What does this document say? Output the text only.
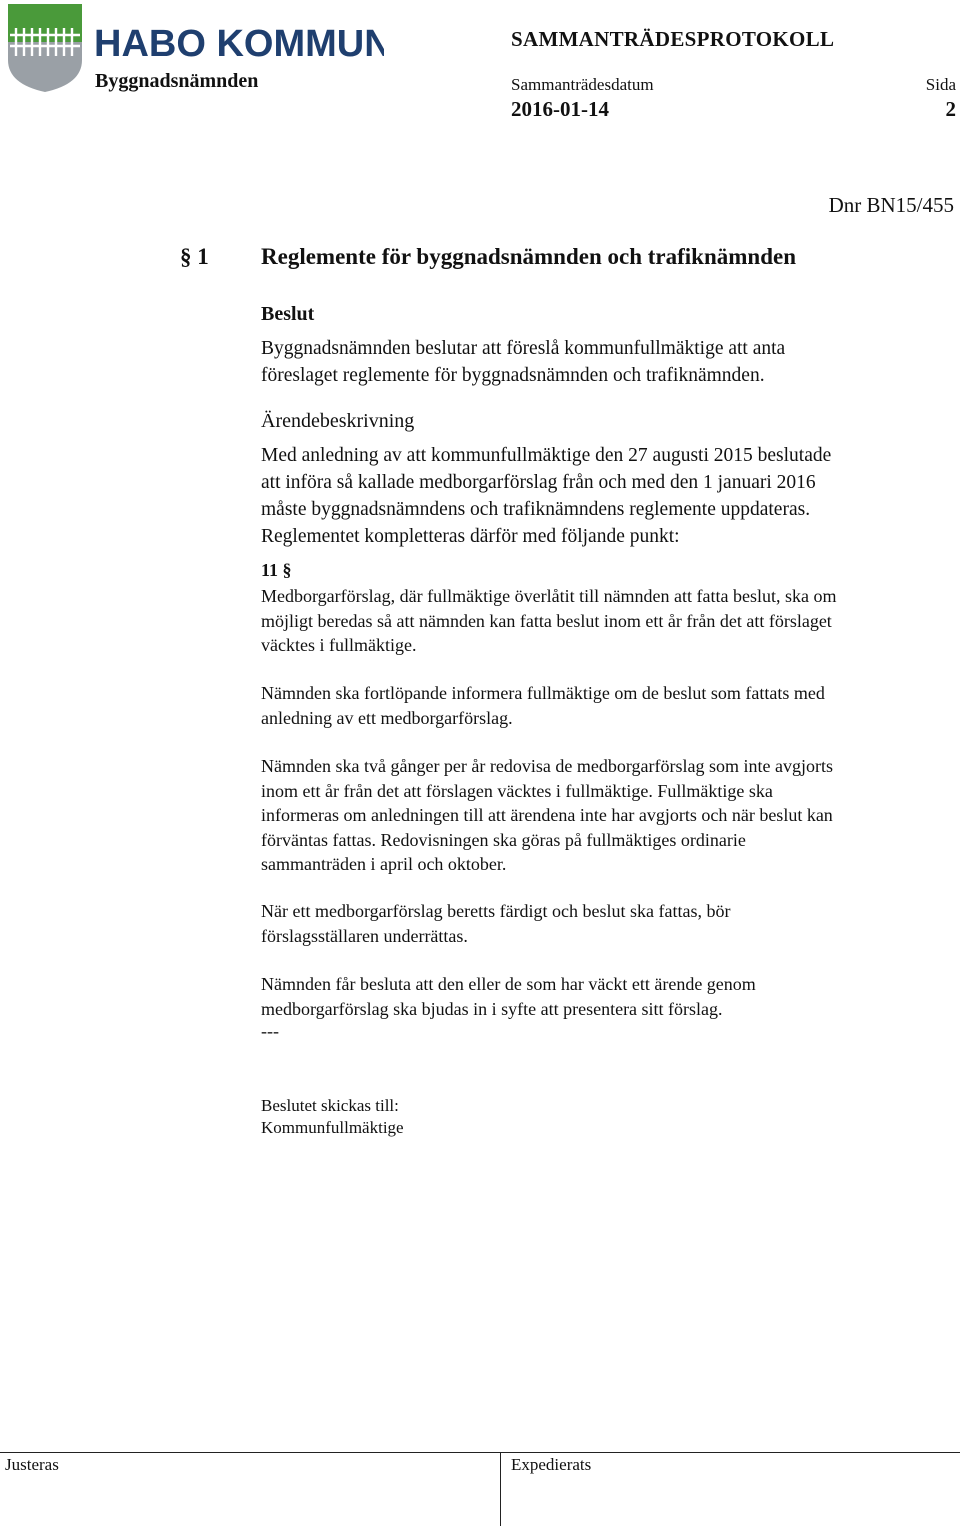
HABO KOMMUN
Byggnadsnämnden
SAMMANTRÄDESPROTOKOLL
Sammanträdesdatum
2016-01-14
Sida
2
Dnr BN15/455
§ 1 Reglemente för byggnadsnämnden och trafiknämnden
Beslut

Byggnadsnämnden beslutar att föreslå kommunfullmäktige att anta

föreslaget reglemente för byggnadsnämnden och trafiknämnden.

Ärendebeskrivning

Med anledning av att kommunfullmäktige den 27 augusti 2015 beslutade

att införa så kallade medborgarförslag från och med den 1 januari 2016

måste byggnadsnämndens och trafiknämndens reglemente uppdateras.

Reglementet kompletteras därför med följande punkt:

11 §

Medborgarförslag, där fullmäktige överlåtit till nämnden att fatta beslut, ska om

möjligt beredas så att nämnden kan fatta beslut inom ett år från det att förslaget

väcktes i fullmäktige.

Nämnden ska fortlöpande informera fullmäktige om de beslut som fattats med

anledning av ett medborgarförslag.

Nämnden ska två gånger per år redovisa de medborgarförslag som inte avgjorts

inom ett år från det att förslagen väcktes i fullmäktige. Fullmäktige ska

informeras om anledningen till att ärendena inte har avgjorts och när beslut kan

förväntas fattas. Redovisningen ska göras på fullmäktiges ordinarie

sammanträden i april och oktober.

När ett medborgarförslag beretts färdigt och beslut ska fattas, bör

förslagsställaren underrättas.

Nämnden får besluta att den eller de som har väckt ett ärende genom

medborgarförslag ska bjudas in i syfte att presentera sitt förslag.

---
Beslutet skickas till:
Kommunfullmäktige
Justeras	Expedierats
